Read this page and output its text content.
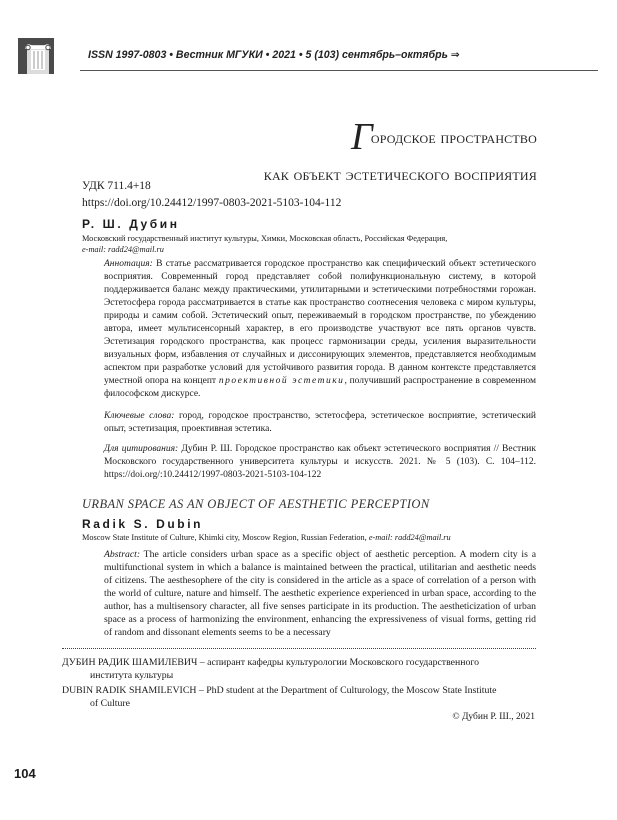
ISSN 1997-0803 • Вестник МГУКИ • 2021 • 5 (103) сентябрь–октябрь ⇒
Городское пространство
как объект эстетического восприятия
УДК 711.4+18
https://doi.org/10.24412/1997-0803-2021-5103-104-112
Р. Ш. Дубин
Московский государственный институт культуры, Химки, Московская область, Российская Федерация,
e-mail: radd24@mail.ru
Аннотация: В статье рассматривается городское пространство как специфический объект эстетического восприятия. Современный город представляет собой полифункциональную систему, в которой поддерживается баланс между практическими, утилитарными и эстетическими потребностями горожан. Эстетосфера города рассматривается в статье как пространство соотнесения человека с миром культуры, природы и самим собой. Эстетический опыт, переживаемый в городском пространстве, по убеждению автора, имеет мультисенсорный характер, в его производстве участвуют все пять органов чувств. Эстетизация городского пространства, как процесс гармонизации среды, усиления выразительности визуальных форм, избавления от случайных и диссонирующих элементов, представляется необходимым аспектом при разработке условий для устойчивого развития города. В данном контексте представляется уместной опора на концепт проективной эстетики, получивший распространение в современном философском дискурсе.
Ключевые слова: город, городское пространство, эстетосфера, эстетическое восприятие, эстетический опыт, эстетизация, проективная эстетика.
Для цитирования: Дубин Р. Ш. Городское пространство как объект эстетического восприятия // Вестник Московского государственного университета культуры и искусств. 2021. № 5 (103). С. 104–112. https://doi.org/:10.24412/1997-0803-2021-5103-104-122
URBAN SPACE AS AN OBJECT OF AESTHETIC PERCEPTION
Radik S. Dubin
Moscow State Institute of Culture, Khimki city, Moscow Region, Russian Federation, e-mail: radd24@mail.ru
Abstract: The article considers urban space as a specific object of aesthetic perception. A modern city is a multifunctional system in which a balance is maintained between the practical, utilitarian and aesthetic needs of citizens. The aesthesophere of the city is considered in the article as a space of correlation of a person with the world of culture, nature and himself. The aesthetic experience experienced in urban space, according to the author, has a multisensory character, all five senses participate in its production. The aestheticization of urban space as a process of harmonizing the environment, enhancing the expressiveness of visual forms, getting rid of random and dissonant elements seems to be a necessary
ДУБИН РАДИК ШАМИЛЕВИЧ – аспирант кафедры культурологии Московского государственного
института культуры
DUBIN RADIK SHAMILEVICH – PhD student at the Department of Culturology, the Moscow State Institute
of Culture
© Дубин Р. Ш., 2021
104
